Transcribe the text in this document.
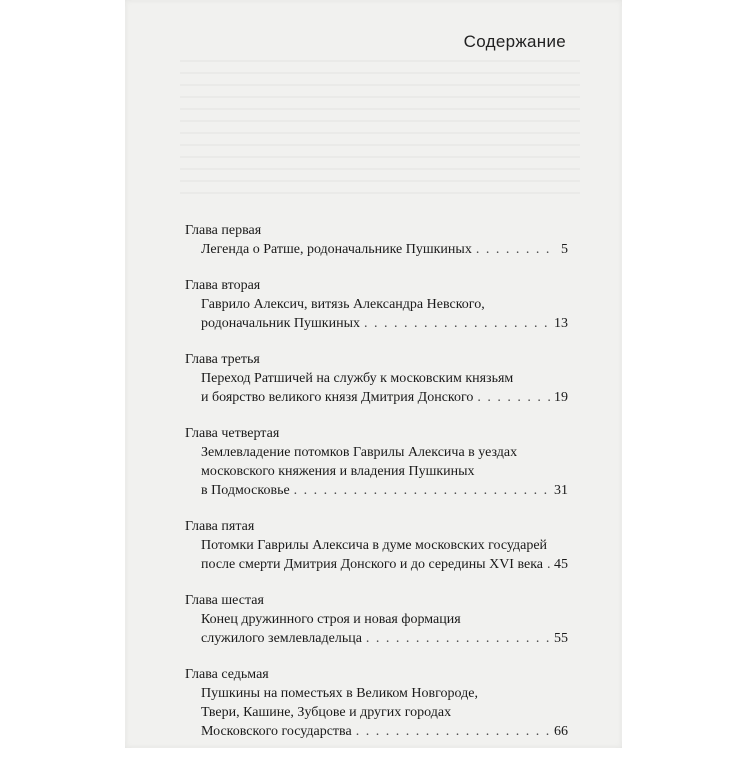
Содержание
Глава первая
Легенда о Ратше, родоначальнике Пушкиных . . .	5
Глава вторая
Гаврило Алексич, витязь Александра Невского,
родоначальник Пушкиных . . .	13
Глава третья
Переход Ратшичей на службу к московским князьям
и боярство великого князя Дмитрия Донского . . .	19
Глава четвертая
Землевладение потомков Гаврилы Алексича в уездах
московского княжения и владения Пушкиных
в Подмосковье . . .	31
Глава пятая
Потомки Гаврилы Алексича в думе московских государей
после смерти Дмитрия Донского и до середины XVI века . . . 45
Глава шестая
Конец дружинного строя и новая формация
служилого землевладельца . . .	55
Глава седьмая
Пушкины на поместьях в Великом Новгороде,
Твери, Кашине, Зубцове и других городах
Московского государства . . .	66
